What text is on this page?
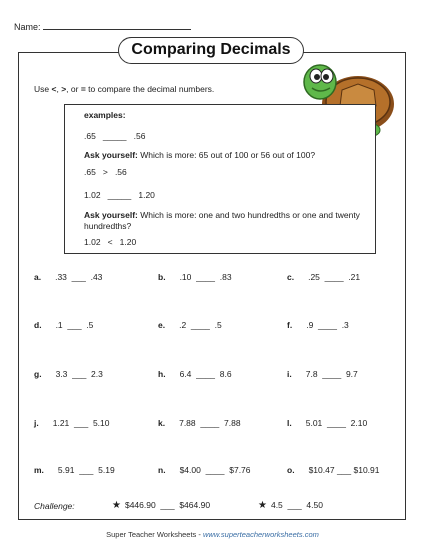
Name:
Comparing Decimals
Use <, >, or = to compare the decimal numbers.
examples:
.65   _____   .56
Ask yourself: Which is more: 65 out of 100 or 56 out of 100?
.65   >   .56
1.02   _____   1.20
Ask yourself: Which is more: one and two hundredths or one and twenty hundredths?
1.02   <   1.20
a. .33 ___ .43	b. .10 ____ .83	c. .25 ____ .21
d. .1 ___ .5	e. .2 ____ .5	f. .9 ____ .3
g. 3.3 ___ 2.3	h. 6.4 ____ 8.6	i. 7.8 ____ 9.7
j. 1.21 ___ 5.10	k. 7.88 ____ 7.88	l. 5.01 ____ 2.10
m. 5.91 ___ 5.19	n. $4.00 ____ $7.76	o. $10.47 ___ $10.91
Challenge:	★ $446.90  ___  $464.90	★ 4.5  ___  4.50
Super Teacher Worksheets - www.superteacherworksheets.com
